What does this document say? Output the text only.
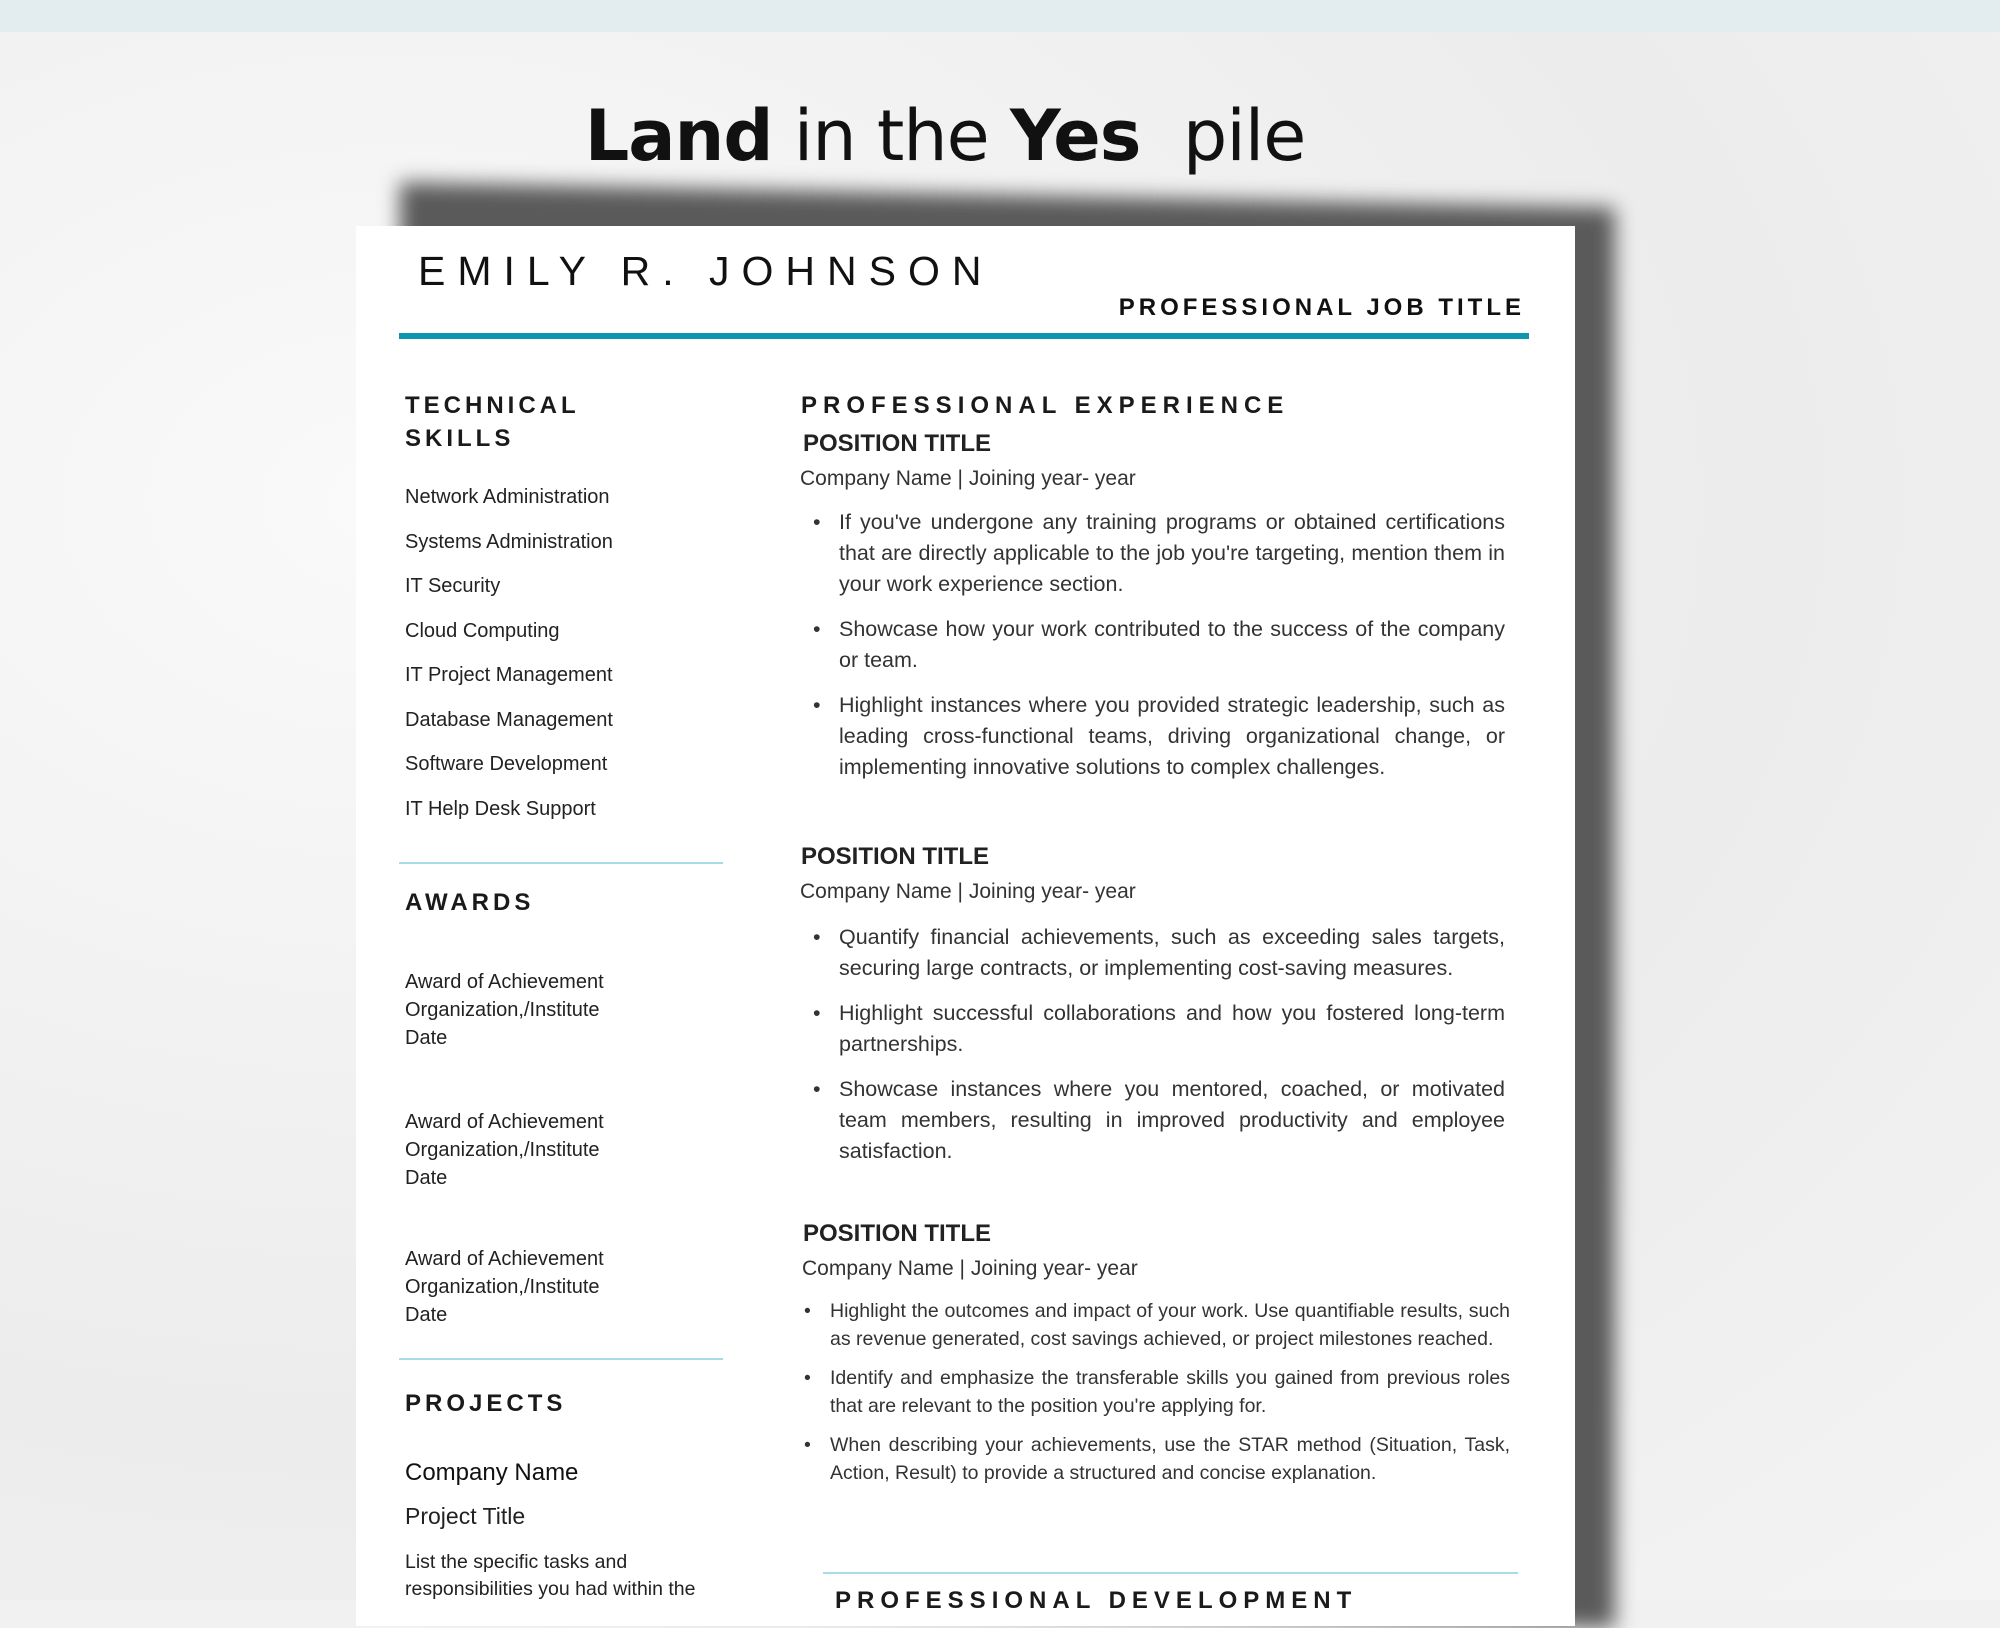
Land in the Yes pile
EMILY R. JOHNSON
PROFESSIONAL JOB TITLE
TECHNICAL
SKILLS
Network Administration
Systems Administration
IT Security
Cloud Computing
IT Project Management
Database Management
Software Development
IT Help Desk Support
AWARDS
Award of Achievement
Organization,/Institute
Date
Award of Achievement
Organization,/Institute
Date
Award of Achievement
Organization,/Institute
Date
PROJECTS
Company Name
Project Title
List the specific tasks and responsibilities you had within the
PROFESSIONAL EXPERIENCE
POSITION TITLE
Company Name | Joining year- year
• If you've undergone any training programs or obtained certifications that are directly applicable to the job you're targeting, mention them in your work experience section.
• Showcase how your work contributed to the success of the company or team.
• Highlight instances where you provided strategic leadership, such as leading cross-functional teams, driving organizational change, or implementing innovative solutions to complex challenges.
POSITION TITLE
Company Name | Joining year- year
• Quantify financial achievements, such as exceeding sales targets, securing large contracts, or implementing cost-saving measures.
• Highlight successful collaborations and how you fostered long-term partnerships.
• Showcase instances where you mentored, coached, or motivated team members, resulting in improved productivity and employee satisfaction.
POSITION TITLE
Company Name | Joining year- year
• Highlight the outcomes and impact of your work. Use quantifiable results, such as revenue generated, cost savings achieved, or project milestones reached.
• Identify and emphasize the transferable skills you gained from previous roles that are relevant to the position you're applying for.
• When describing your achievements, use the STAR method (Situation, Task, Action, Result) to provide a structured and concise explanation.
PROFESSIONAL DEVELOPMENT
